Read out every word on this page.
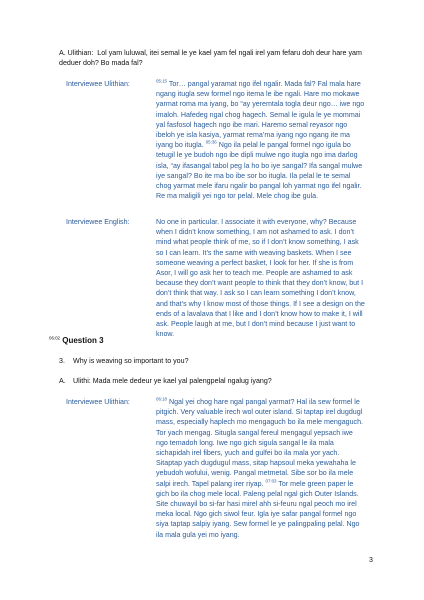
A. Ulithian: Lol yam luluwal, itei semal le ye kael yam fel ngali irel yam fefaru doh deur hare yam deduer doh? Bo mada fal?
Interviewee Ulithian:	$^{05:15}$ Tor… pangal yaramat ngo ifel ngalir. Mada fal? Fal mala hare ngang itugla sew formel ngo itema le ibe ngali. Hare mo mokawe yarmat roma ma iyang, bo “ay yeremtala togla deur ngo… iwe ngo imaloh. Hafedeg ngal chog hagech. Semal le igula le ye mommai yal fasfosol hagech ngo ibe mari. Haremo semal reyasor ngo ibeloh ye isla kasiya, yarmat rema’ma iyang ngo ngang ite ma iyang bo itugla. $^{05:36}$ Ngo ila pelal le pangal formel ngo igula bo tetugil le ye budoh ngo ibe dipli mulwe ngo itugla ngo ima darlog isla, “ay ifasangal tabol peg la ho bo iye sangal? Ifa sangal mulwe iye sangal? Bo ite ma bo ibe sor bo itugla. Ila pelal le te semal chog yarmat mele ifaru ngalir bo pangal loh yarmat ngo ifel ngalir. Re ma maligili yei ngo tor pelal. Mele chog ibe gula.
Interviewee English:	No one in particular. I associate it with everyone, why? Because when I didn’t know something, I am not ashamed to ask. I don’t mind what people think of me, so if I don’t know something, I ask so I can learn. It’s the same with weaving baskets. When I see someone weaving a perfect basket, I look for her. If she is from Asor, I will go ask her to teach me. People are ashamed to ask because they don’t want people to think that they don’t know, but I don’t think that way. I ask so I can learn something I don’t know, and that’s why I know most of those things. If I see a design on the ends of a lavalava that I like and I don’t know how to make it, I will ask. People laugh at me, but I don’t mind because I just want to know.
$^{06:02}$ Question 3
3. Why is weaving so important to you?
A. Ulithi: Mada mele dedeur ye kael yal palengpelal ngalug iyang?
Interviewee Ulithian:	$^{06:18}$ Ngal yei chog hare ngal pangal yarmat? Hal ila sew formel le pitgich. Very valuable irech wol outer island. Si taptap irel dugdugl mass, especially haplech mo mengaguch bo ila mele mengaguch. Tor yach mengag. Situgla sangal fereul mengagul yepsach iwe ngo temadoh long. Iwe ngo gich sigula sangal le ila mala sichapidah irel fibers, yuch and gulfei bo ila mala yor yach. Sitaptap yach dugdugul mass, sitap hapsoul meka yewahaha le yebudoh wofului, wenig. Pangal metmetal. Sibe sor bo ila mele salpi irech. Tapel palang irer riyap. $^{07:03}$ Tor mele green paper le gich bo ila chog mele local. Paleng pelal ngal gich Outer Islands. Site chuwayil bo si-far hasi mirel ahh si-feuru ngal peoch mo irel meka local. Ngo gich siwol feur. Igla iye safar pangal formel ngo siya taptap salpiy iyang. Sew formel le ye palingpaling pelal. Ngo ila mala gula yei mo iyang.
3
